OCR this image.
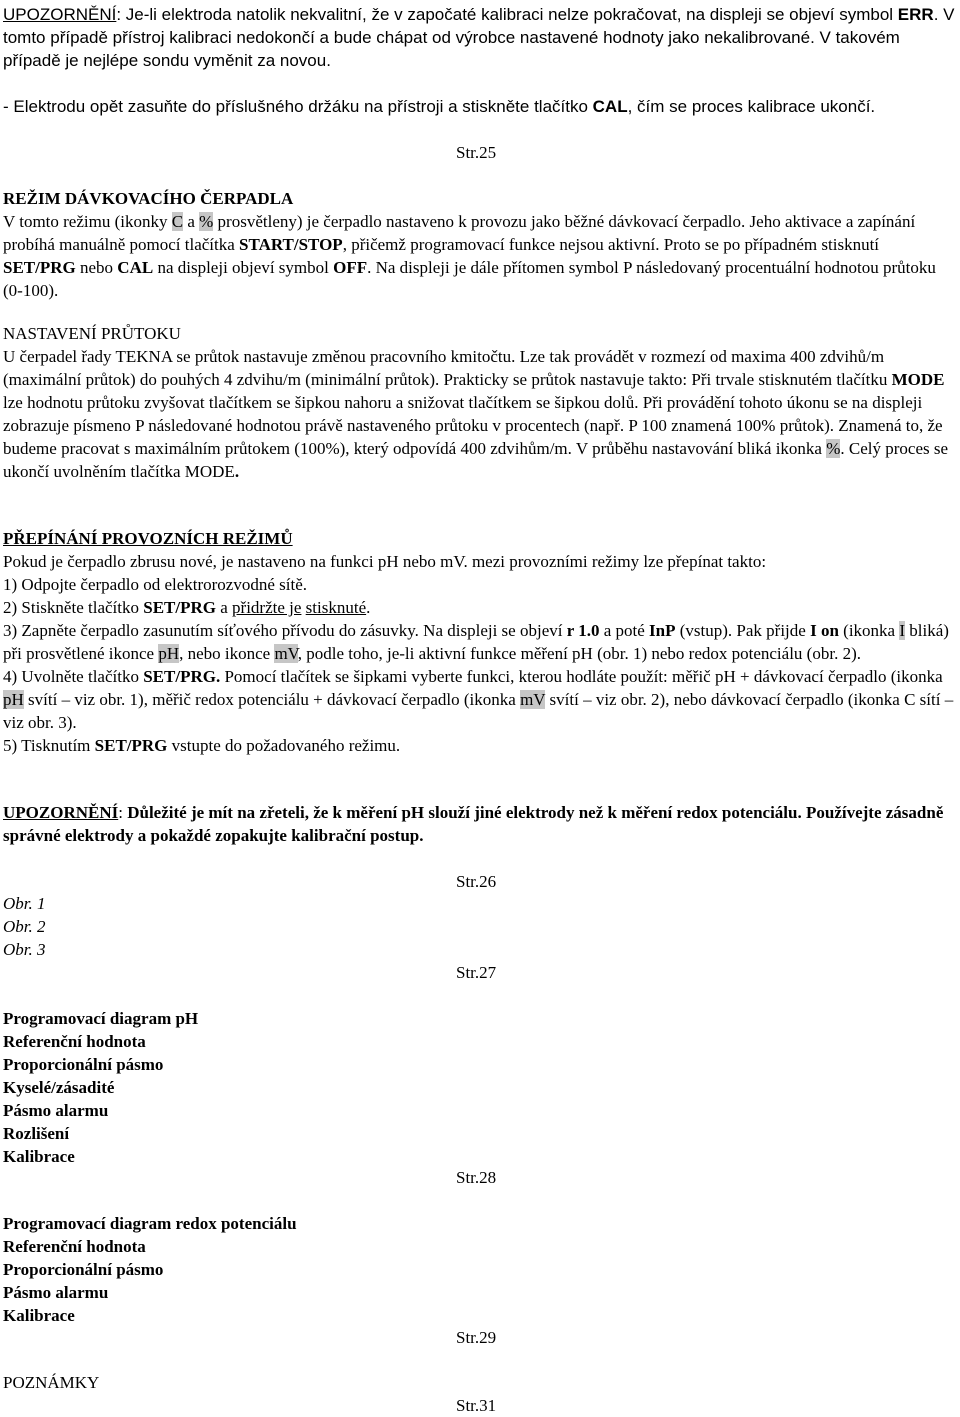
UPOZORNĚNÍ: Je-li elektroda natolik nekvalitní, že v započaté kalibraci nelze pokračovat, na displeji se objeví symbol ERR. V tomto případě přístroj kalibraci nedokončí a bude chápat od výrobce nastavené hodnoty jako nekalibrované. V takovém případě je nejlépe sondu vyměnit za novou.

- Elektrodu opět zasuňte do příslušného držáku na přístroji a stiskněte tlačítko CAL, čím se proces kalibrace ukončí.

Str.25
REŽIM DÁVKOVACÍHO ČERPADLA
V tomto režimu (ikonky C a % prosvětleny) je čerpadlo nastaveno k provozu jako běžné dávkovací čerpadlo. Jeho aktivace a zapínání probíhá manuálně pomocí tlačítka START/STOP, přičemž programovací funkce nejsou aktivní. Proto se po případném stisknutí SET/PRG nebo CAL na displeji objeví symbol OFF. Na displeji je dále přítomen symbol P následovaný procentuální hodnotou průtoku (0-100).
NASTAVENÍ PRŮTOKU
U čerpadel řady TEKNA se průtok nastavuje změnou pracovního kmitočtu. Lze tak provádět v rozmezí od maxima 400 zdvihů/m (maximální průtok) do pouhých 4 zdvihu/m (minimální průtok). Prakticky se průtok nastavuje takto: Při trvale stisknutém tlačítku MODE lze hodnotu průtoku zvyšovat tlačítkem se šipkou nahoru a snižovat tlačítkem se šipkou dolů. Při provádění tohoto úkonu se na displeji zobrazuje písmeno P následované hodnotou právě nastaveného průtoku v procentech (např. P 100 znamená 100% průtok). Znamená to, že budeme pracovat s maximálním průtokem (100%), který odpovídá 400 zdvihům/m. V průběhu nastavování bliká ikonka %. Celý proces se ukončí uvolněním tlačítka MODE.
PŘEPÍNÁNÍ PROVOZNÍCH REŽIMŮ
Pokud je čerpadlo zbrusu nové, je nastaveno na funkci pH nebo mV. mezi provozními režimy lze přepínat takto:
1) Odpojte čerpadlo od elektrorozvodné sítě.
2) Stiskněte tlačítko SET/PRG a přidržte je stisknuté.
3) Zapněte čerpadlo zasunutím síťového přívodu do zásuvky. Na displeji se objeví r 1.0 a poté InP (vstup). Pak přijde I on (ikonka I bliká) při prosvětlené ikonce pH, nebo ikonce mV, podle toho, je-li aktivní funkce měření pH (obr. 1) nebo redox potenciálu (obr. 2).
4) Uvolněte tlačítko SET/PRG. Pomocí tlačítek se šipkami vyberte funkci, kterou hodláte použít: měřič pH + dávkovací čerpadlo (ikonka pH svítí – viz obr. 1), měřič redox potenciálu + dávkovací čerpadlo (ikonka mV svítí – viz obr. 2), nebo dávkovací čerpadlo (ikonka C sítí – viz obr. 3).
5) Tisknutím SET/PRG vstupte do požadovaného režimu.

UPOZORNĚNÍ: Důležité je mít na zřeteli, že k měření pH slouží jiné elektrody než k měření redox potenciálu. Používejte zásadně správné elektrody a pokaždé zopakujte kalibrační postup.

Str.26
Obr. 1
Obr. 2
Obr. 3
Str.27
Programovací diagram pH
Referenční hodnota
Proporcionální pásmo
Kyselé/zásadité
Pásmo alarmu
Rozlišení
Kalibrace
Str.28
Programovací diagram redox potenciálu
Referenční hodnota
Proporcionální pásmo
Pásmo alarmu
Kalibrace
Str.29
POZNÁMKY
Str.31
